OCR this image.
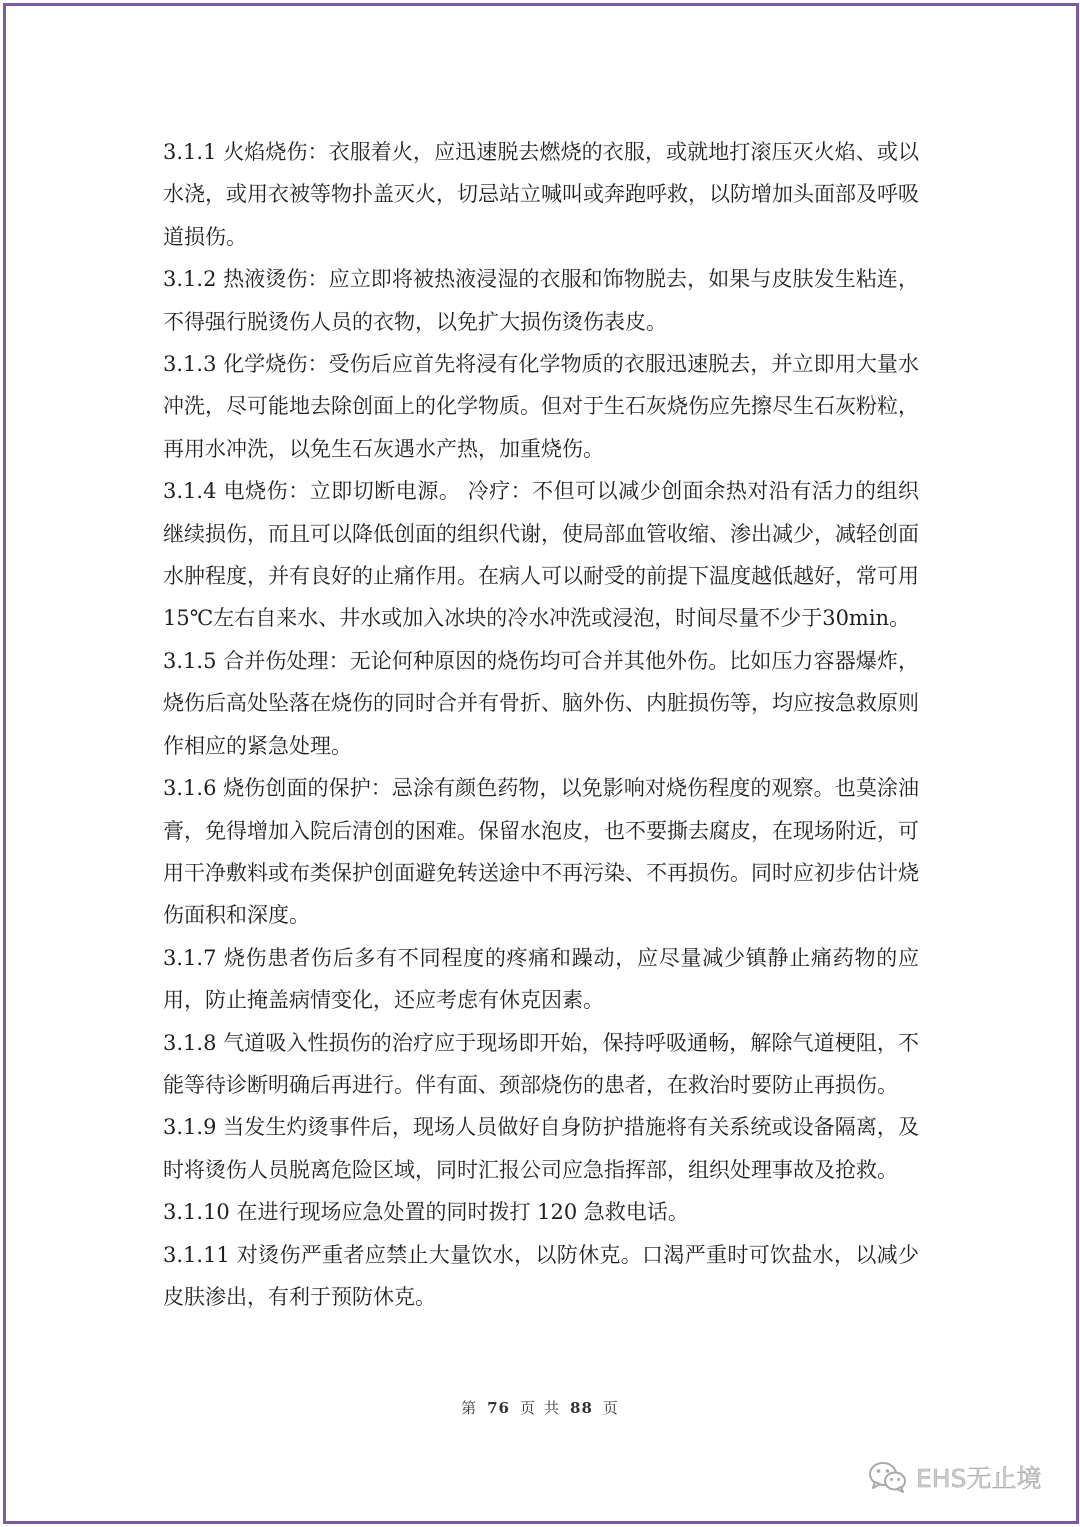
3.1.1 火焰烧伤：衣服着火，应迅速脱去燃烧的衣服，或就地打滚压灭火焰、或以水浇，或用衣被等物扑盖灭火，切忌站立喊叫或奔跑呼救，以防增加头面部及呼吸道损伤。

3.1.2 热液烫伤：应立即将被热液浸湿的衣服和饰物脱去，如果与皮肤发生粘连，不得强行脱烫伤人员的衣物，以免扩大损伤烫伤表皮。

3.1.3 化学烧伤：受伤后应首先将浸有化学物质的衣服迅速脱去，并立即用大量水冲洗，尽可能地去除创面上的化学物质。但对于生石灰烧伤应先擦尽生石灰粉粒，再用水冲洗，以免生石灰遇水产热，加重烧伤。

3.1.4 电烧伤：立即切断电源。 冷疗：不但可以减少创面余热对沿有活力的组织继续损伤，而且可以降低创面的组织代谢，使局部血管收缩、渗出减少，减轻创面水肿程度，并有良好的止痛作用。在病人可以耐受的前提下温度越低越好，常可用 15℃左右自来水、井水或加入冰块的冷水冲洗或浸泡，时间尽量不少于30min。

3.1.5 合并伤处理：无论何种原因的烧伤均可合并其他外伤。比如压力容器爆炸，烧伤后高处坠落在烧伤的同时合并有骨折、脑外伤、内脏损伤等，均应按急救原则作相应的紧急处理。

3.1.6 烧伤创面的保护：忌涂有颜色药物，以免影响对烧伤程度的观察。也莫涂油膏，免得增加入院后清创的困难。保留水泡皮，也不要撕去腐皮，在现场附近，可用干净敷料或布类保护创面避免转送途中不再污染、不再损伤。同时应初步估计烧伤面积和深度。

3.1.7 烧伤患者伤后多有不同程度的疼痛和躁动，应尽量减少镇静止痛药物的应用，防止掩盖病情变化，还应考虑有休克因素。

3.1.8 气道吸入性损伤的治疗应于现场即开始，保持呼吸通畅，解除气道梗阻，不能等待诊断明确后再进行。伴有面、颈部烧伤的患者，在救治时要防止再损伤。

3.1.9 当发生灼烫事件后，现场人员做好自身防护措施将有关系统或设备隔离，及时将烫伤人员脱离危险区域，同时汇报公司应急指挥部，组织处理事故及抢救。

3.1.10 在进行现场应急处置的同时拨打 120 急救电话。

3.1.11 对烫伤严重者应禁止大量饮水，以防休克。口渴严重时可饮盐水，以减少皮肤渗出，有利于预防休克。

第 76 页 共 88 页
EHS无止境
